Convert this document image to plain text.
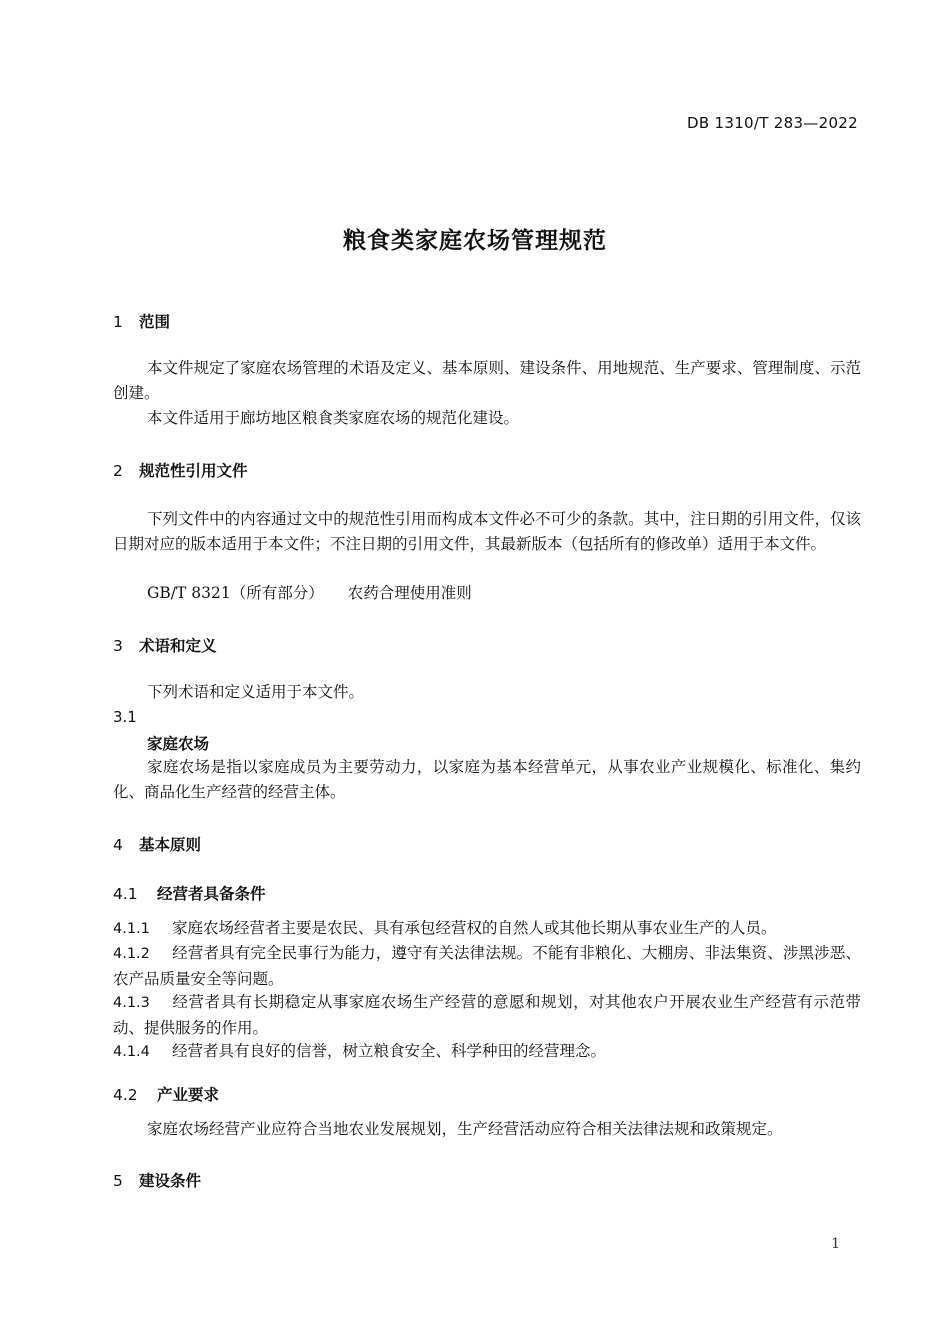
DB 1310/T 283—2022
粮食类家庭农场管理规范
1 范围
本文件规定了家庭农场管理的术语及定义、基本原则、建设条件、用地规范、生产要求、管理制度、示范创建。
本文件适用于廊坊地区粮食类家庭农场的规范化建设。
2 规范性引用文件
下列文件中的内容通过文中的规范性引用而构成本文件必不可少的条款。其中，注日期的引用文件，仅该日期对应的版本适用于本文件；不注日期的引用文件，其最新版本（包括所有的修改单）适用于本文件。
GB/T 8321（所有部分） 农药合理使用准则
3 术语和定义
下列术语和定义适用于本文件。
3.1
家庭农场
家庭农场是指以家庭成员为主要劳动力，以家庭为基本经营单元，从事农业产业规模化、标准化、集约化、商品化生产经营的经营主体。
4 基本原则
4.1 经营者具备条件
4.1.1 家庭农场经营者主要是农民、具有承包经营权的自然人或其他长期从事农业生产的人员。
4.1.2 经营者具有完全民事行为能力，遵守有关法律法规。不能有非粮化、大棚房、非法集资、涉黑涉恶、农产品质量安全等问题。
4.1.3 经营者具有长期稳定从事家庭农场生产经营的意愿和规划，对其他农户开展农业生产经营有示范带动、提供服务的作用。
4.1.4 经营者具有良好的信誉，树立粮食安全、科学种田的经营理念。
4.2 产业要求
家庭农场经营产业应符合当地农业发展规划，生产经营活动应符合相关法律法规和政策规定。
5 建设条件
1
